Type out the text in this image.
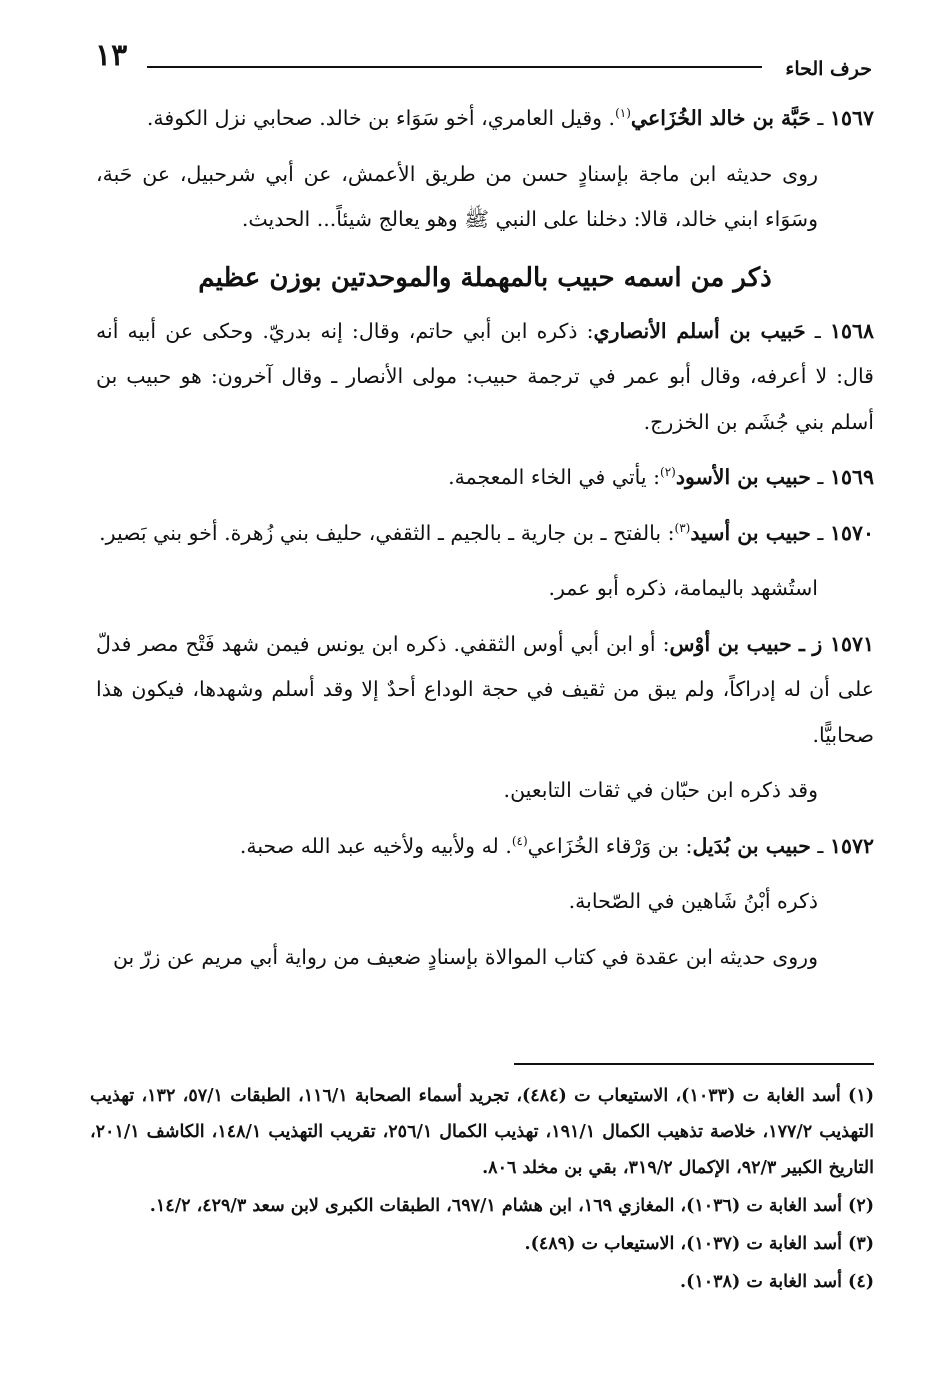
حرف الحاء
١٣

١٥٦٧ ـ حَبَّة بن خالد الخُزَاعي$^{(١)}$. وقيل العامري، أخو سَوَاء بن خالد. صحابي نزل الكوفة.

روى حديثه ابن ماجة بإسنادٍ حسن من طريق الأعمش، عن أبي شرحبيل، عن حَبة، وسَوَاء ابني خالد، قالا: دخلنا على النبي ﷺ وهو يعالج شيئاً... الحديث.

ذكر من اسمه حبيب بالمهملة والموحدتين بوزن عظيم

١٥٦٨ ـ حَبيب بن أسلم الأنصاري: ذكره ابن أبي حاتم، وقال: إنه بدريّ. وحكى عن أبيه أنه قال: لا أعرفه، وقال أبو عمر في ترجمة حبيب: مولى الأنصار ـ وقال آخرون: هو حبيب بن أسلم بني جُشَم بن الخزرج.

١٥٦٩ ـ حبيب بن الأسود$^{(٢)}$: يأتي في الخاء المعجمة.

١٥٧٠ ـ حبيب بن أسيد$^{(٣)}$: بالفتح ـ بن جارية ـ بالجيم ـ الثقفي، حليف بني زُهرة. أخو بني بَصير.

استُشهد باليمامة، ذكره أبو عمر.

١٥٧١ ز ـ حبيب بن أوْس: أو ابن أبي أوس الثقفي. ذكره ابن يونس فيمن شهد فَتْح مصر فدلّ على أن له إدراكاً، ولم يبق من ثقيف في حجة الوداع أحدٌ إلا وقد أسلم وشهدها، فيكون هذا صحابيًّا.

وقد ذكره ابن حبّان في ثقات التابعين.

١٥٧٢ ـ حبيب بن بُدَيل: بن وَرْقاء الخُزَاعي$^{(٤)}$. له ولأبيه ولأخيه عبد الله صحبة.

ذكره أبْنُ شَاهين في الصّحابة.

وروى حديثه ابن عقدة في كتاب الموالاة بإسنادٍ ضعيف من رواية أبي مريم عن زرّ بن

(١) أسد الغابة ت (١٠٣٣)، الاستيعاب ت (٤٨٤)، تجريد أسماء الصحابة ١١٦/١، الطبقات ٥٧/١، ١٣٢، تهذيب التهذيب ١٧٧/٢، خلاصة تذهيب الكمال ١٩١/١، تهذيب الكمال ٢٥٦/١، تقريب التهذيب ١٤٨/١، الكاشف ٢٠١/١، التاريخ الكبير ٩٢/٣، الإكمال ٣١٩/٢، بقي بن مخلد ٨٠٦.

(٢) أسد الغابة ت (١٠٣٦)، المغازي ١٦٩، ابن هشام ٦٩٧/١، الطبقات الكبرى لابن سعد ٤٢٩/٣، ١٤/٢.

(٣) أسد الغابة ت (١٠٣٧)، الاستيعاب ت (٤٨٩).

(٤) أسد الغابة ت (١٠٣٨).
